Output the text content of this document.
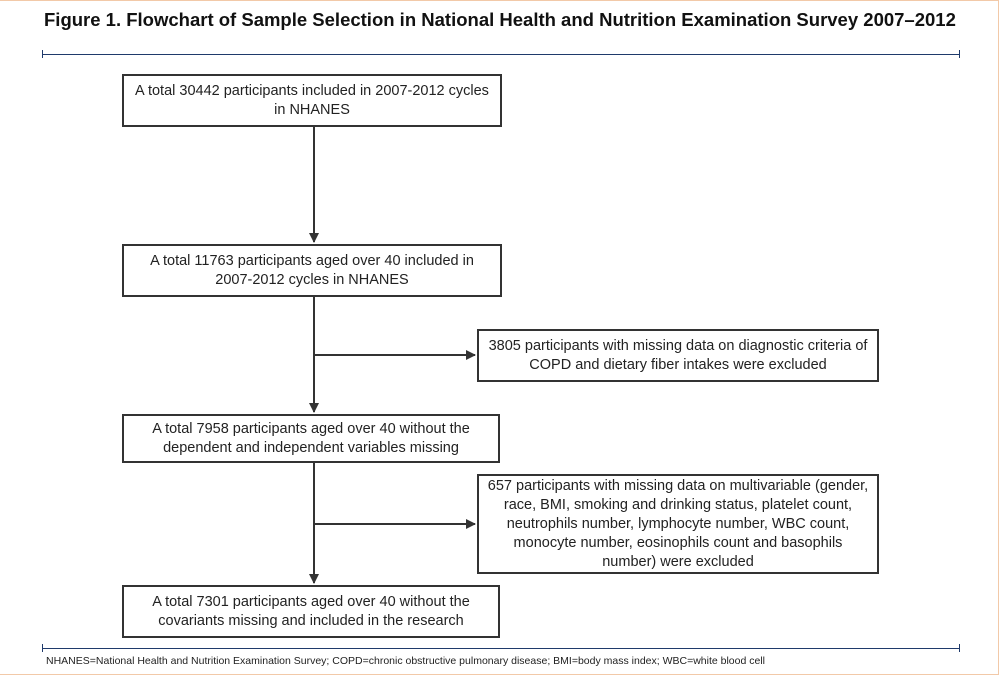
Figure 1. Flowchart of Sample Selection in National Health and Nutrition Examination Survey 2007–2012
A total 30442 participants included in 2007-2012 cycles in NHANES
A total 11763 participants aged over 40 included in 2007-2012 cycles in NHANES
3805 participants with missing data on diagnostic criteria of COPD and dietary fiber intakes were excluded
A total 7958 participants aged over 40 without the dependent and independent variables missing
657 participants with missing data on multivariable (gender, race, BMI, smoking and drinking status, platelet count, neutrophils number, lymphocyte number, WBC count, monocyte number, eosinophils count and basophils number) were excluded
A total 7301 participants aged over 40 without the covariants missing and included in the research
NHANES=National Health and Nutrition Examination Survey; COPD=chronic obstructive pulmonary disease; BMI=body mass index; WBC=white blood cell
